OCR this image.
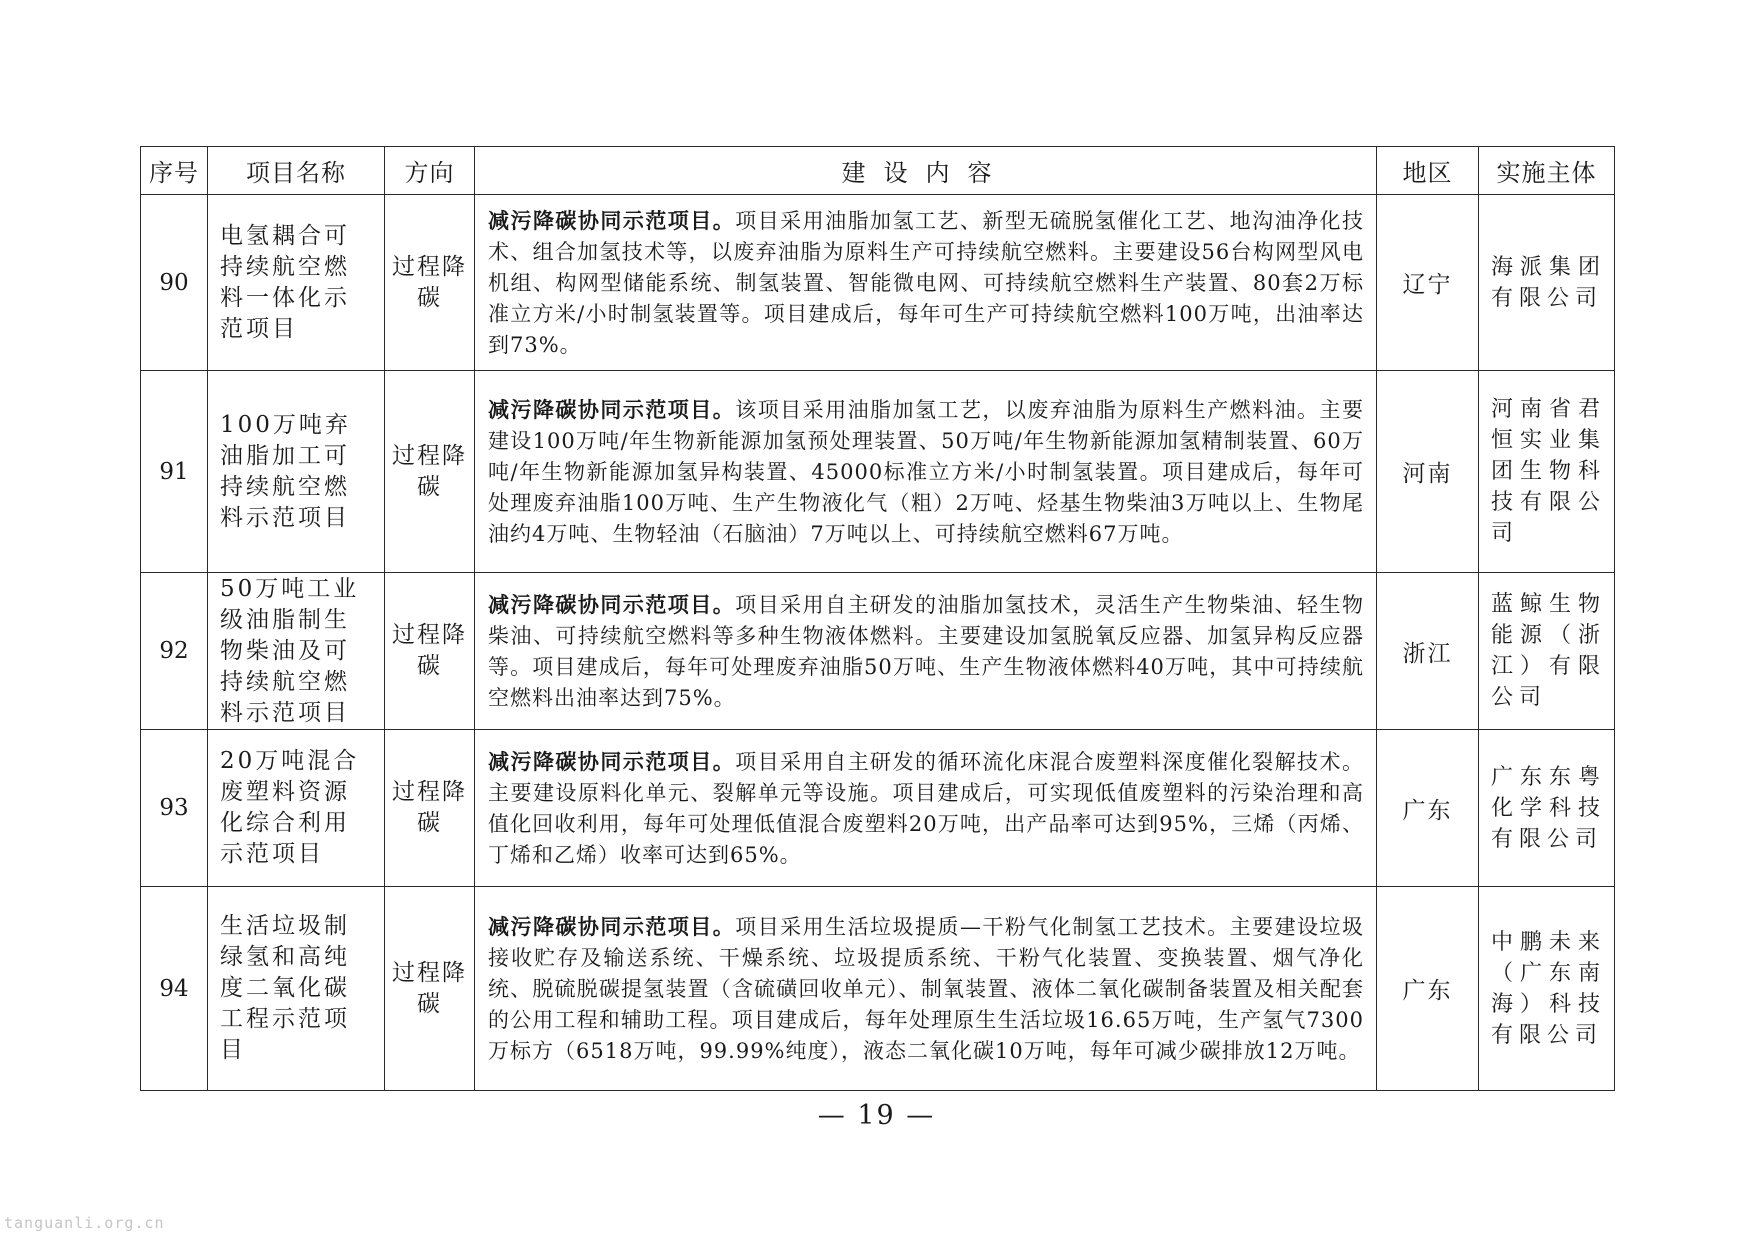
序号	项目名称	方向	建设内容	地区	实施主体
90	电氢耦合可持续航空燃料一体化示范项目	过程降碳	减污降碳协同示范项目。项目采用油脂加氢工艺、新型无硫脱氢催化工艺、地沟油净化技术、组合加氢技术等，以废弃油脂为原料生产可持续航空燃料。主要建设56台构网型风电机组、构网型储能系统、制氢装置、智能微电网、可持续航空燃料生产装置、80套2万标准立方米/小时制氢装置等。项目建成后，每年可生产可持续航空燃料100万吨，出油率达到73%。	辽宁	海派集团有限公司
91	100万吨弃油脂加工可持续航空燃料示范项目	过程降碳	减污降碳协同示范项目。该项目采用油脂加氢工艺，以废弃油脂为原料生产燃料油。主要建设100万吨/年生物新能源加氢预处理装置、50万吨/年生物新能源加氢精制装置、60万吨/年生物新能源加氢异构装置、45000标准立方米/小时制氢装置。项目建成后，每年可处理废弃油脂100万吨、生产生物液化气（粗）2万吨、烃基生物柴油3万吨以上、生物尾油约4万吨、生物轻油（石脑油）7万吨以上、可持续航空燃料67万吨。	河南	河南省君恒实业集团生物科技有限公司
92	50万吨工业级油脂制生物柴油及可持续航空燃料示范项目	过程降碳	减污降碳协同示范项目。项目采用自主研发的油脂加氢技术，灵活生产生物柴油、轻生物柴油、可持续航空燃料等多种生物液体燃料。主要建设加氢脱氧反应器、加氢异构反应器等。项目建成后，每年可处理废弃油脂50万吨、生产生物液体燃料40万吨，其中可持续航空燃料出油率达到75%。	浙江	蓝鲸生物能源（浙江）有限公司
93	20万吨混合废塑料资源化综合利用示范项目	过程降碳	减污降碳协同示范项目。项目采用自主研发的循环流化床混合废塑料深度催化裂解技术。主要建设原料化单元、裂解单元等设施。项目建成后，可实现低值废塑料的污染治理和高值化回收利用，每年可处理低值混合废塑料20万吨，出产品率可达到95%，三烯（丙烯、丁烯和乙烯）收率可达到65%。	广东	广东东粤化学科技有限公司
94	生活垃圾制绿氢和高纯度二氧化碳工程示范项目	过程降碳	减污降碳协同示范项目。项目采用生活垃圾提质—干粉气化制氢工艺技术。主要建设垃圾接收贮存及输送系统、干燥系统、垃圾提质系统、干粉气化装置、变换装置、烟气净化统、脱硫脱碳提氢装置（含硫磺回收单元）、制氧装置、液体二氧化碳制备装置及相关配套的公用工程和辅助工程。项目建成后，每年处理原生生活垃圾16.65万吨，生产氢气7300万标方（6518万吨，99.99%纯度），液态二氧化碳10万吨，每年可减少碳排放12万吨。	广东	中鹏未来（广东南海）科技有限公司
— 19 —
tanguanli.org.cn
